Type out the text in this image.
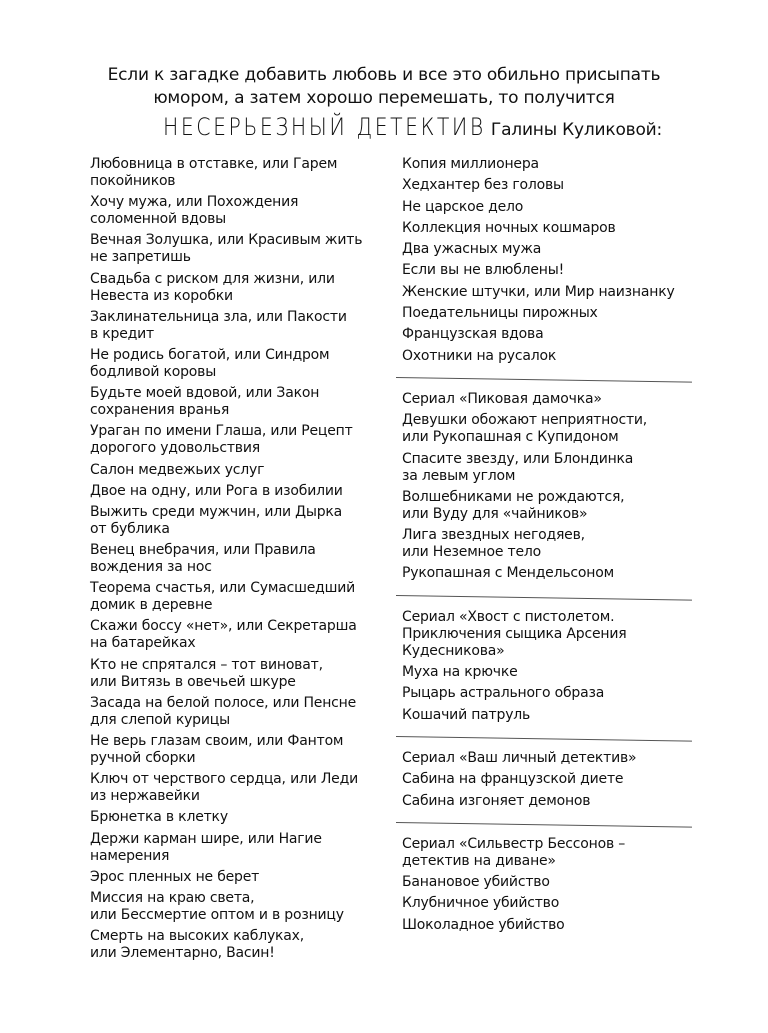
Если к загадке добавить любовь и все это обильно присыпать
юмором, а затем хорошо перемешать, то получится
НЕСЕРЬЕЗНЫЙ ДЕТЕКТИВ Галины Куликовой:
Любовница в отставке, или Гарем
покойников
Хочу мужа, или Похождения
соломенной вдовы
Вечная Золушка, или Красивым жить
не запретишь
Свадьба с риском для жизни, или
Невеста из коробки
Заклинательница зла, или Пакости
в кредит
Не родись богатой, или Синдром
бодливой коровы
Будьте моей вдовой, или Закон
сохранения вранья
Ураган по имени Глаша, или Рецепт
дорогого удовольствия
Салон медвежьих услуг
Двое на одну, или Рога в изобилии
Выжить среди мужчин, или Дырка
от бублика
Венец внебрачия, или Правила
вождения за нос
Теорема счастья, или Сумасшедший
домик в деревне
Скажи боссу «нет», или Секретарша
на батарейках
Кто не спрятался – тот виноват,
или Витязь в овечьей шкуре
Засада на белой полосе, или Пенсне
для слепой курицы
Не верь глазам своим, или Фантом
ручной сборки
Ключ от черствого сердца, или Леди
из нержавейки
Брюнетка в клетку
Держи карман шире, или Нагие
намерения
Эрос пленных не берет
Миссия на краю света,
или Бессмертие оптом и в розницу
Смерть на высоких каблуках,
или Элементарно, Васин!
Копия миллионера
Хедхантер без головы
Не царское дело
Коллекция ночных кошмаров
Два ужасных мужа
Если вы не влюблены!
Женские штучки, или Мир наизнанку
Поедательницы пирожных
Французская вдова
Охотники на русалок
Сериал «Пиковая дамочка»
Девушки обожают неприятности,
или Рукопашная с Купидоном
Спасите звезду, или Блондинка
за левым углом
Волшебниками не рождаются,
или Вуду для «чайников»
Лига звездных негодяев,
или Неземное тело
Рукопашная с Мендельсоном
Сериал «Хвост с пистолетом.
Приключения сыщика Арсения
Кудесникова»
Муха на крючке
Рыцарь астрального образа
Кошачий патруль
Сериал «Ваш личный детектив»
Сабина на французской диете
Сабина изгоняет демонов
Сериал «Сильвестр Бессонов –
детектив на диване»
Банановое убийство
Клубничное убийство
Шоколадное убийство
